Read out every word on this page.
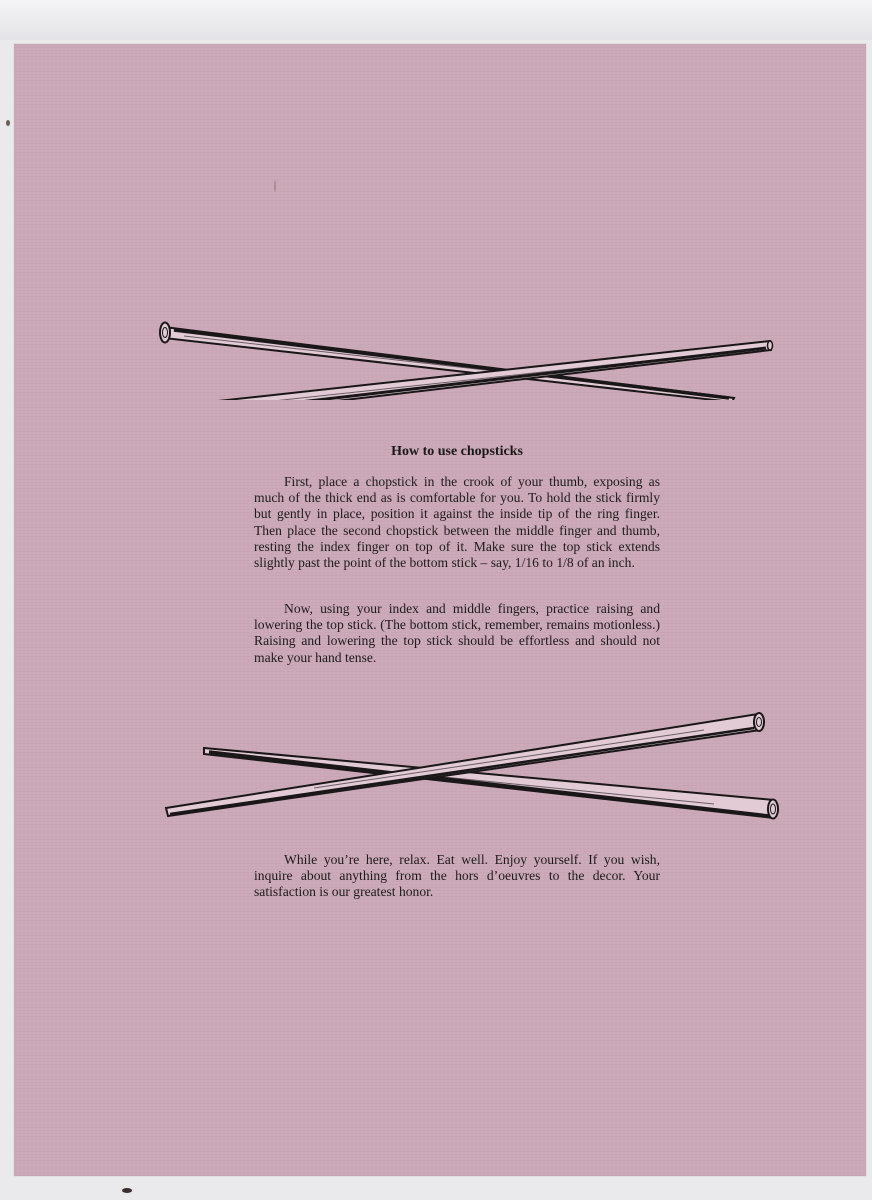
How to use chopsticks

First, place a chopstick in the crook of your thumb, exposing as much of the thick end as is comfortable for you. To hold the stick firmly but gently in place, position it against the inside tip of the ring finger. Then place the second chopstick between the middle finger and thumb, resting the index finger on top of it. Make sure the top stick extends slightly past the point of the bottom stick – say, 1/16 to 1/8 of an inch.

Now, using your index and middle fingers, practice raising and lowering the top stick. (The bottom stick, remember, remains motionless.) Raising and lowering the top stick should be effortless and should not make your hand tense.

While you’re here, relax. Eat well. Enjoy yourself. If you wish, inquire about anything from the hors d’oeuvres to the decor. Your satisfaction is our greatest honor.
